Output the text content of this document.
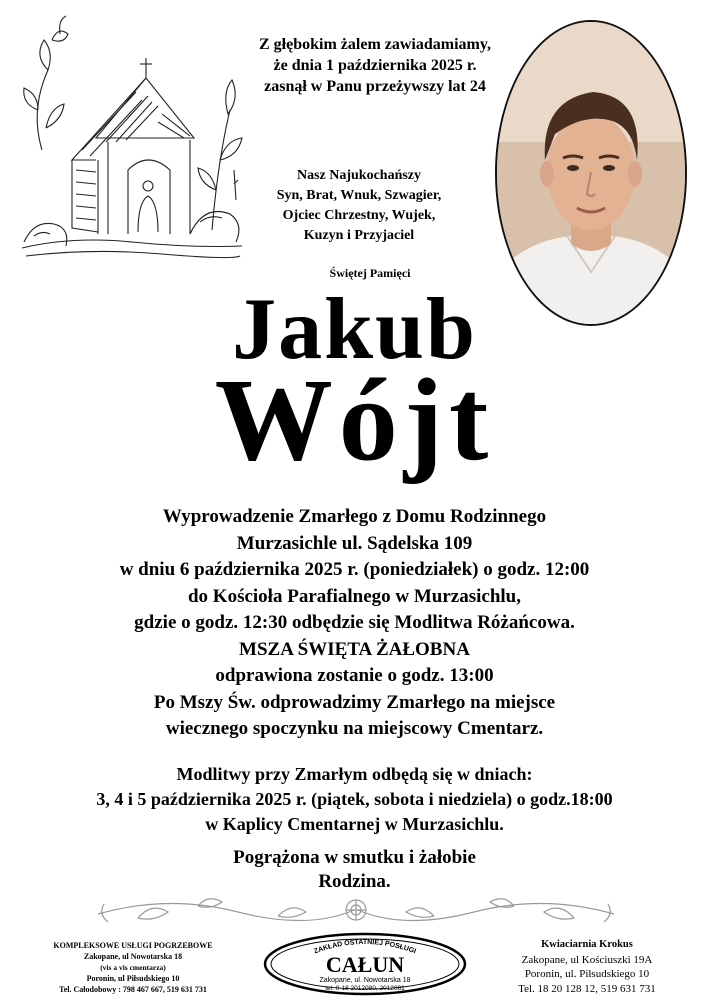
Z głębokim żalem zawiadamiamy,
że dnia 1 października 2025 r.
zasnął w Panu przeżywszy lat 24
Nasz Najukochańszy
Syn, Brat, Wnuk, Szwagier,
Ojciec Chrzestny, Wujek,
Kuzyn i Przyjaciel
Świętej Pamięci
Jakub
Wójt
Wyprowadzenie Zmarłego z Domu Rodzinnego
Murzasichle ul. Sądelska 109
w dniu 6 października 2025 r. (poniedziałek) o godz. 12:00
do Kościoła Parafialnego w Murzasichlu,
gdzie o godz. 12:30 odbędzie się Modlitwa Różańcowa.
MSZA ŚWIĘTA ŻAŁOBNA
odprawiona zostanie o godz. 13:00
Po Mszy Św. odprowadzimy Zmarłego na miejsce
wiecznego spoczynku na miejscowy Cmentarz.
Modlitwy przy Zmarłym odbędą się w dniach:
3, 4 i 5 października 2025 r. (piątek, sobota i niedziela) o godz.18:00
w Kaplicy Cmentarnej w Murzasichlu.
Pogrążona w smutku i żałobie
Rodzina.
KOMPLEKSOWE USŁUGI POGRZEBOWE
Zakopane, ul Nowotarska 18
(vis a vis cmentarza)
Poronin, ul Piłsudskiego 10
Tel. Całodobowy : 798 467 667, 519 631 731
ZAKŁAD OSTATNIEJ POSŁUGI
CAŁUN
Zakopane, ul. Nowotarska 18
tel. 0-18 2012080, 2012081
Kwiaciarnia Krokus
Zakopane, ul Kościuszki 19A
Poronin, ul. Piłsudskiego 10
Tel. 18 20 128 12, 519 631 731
